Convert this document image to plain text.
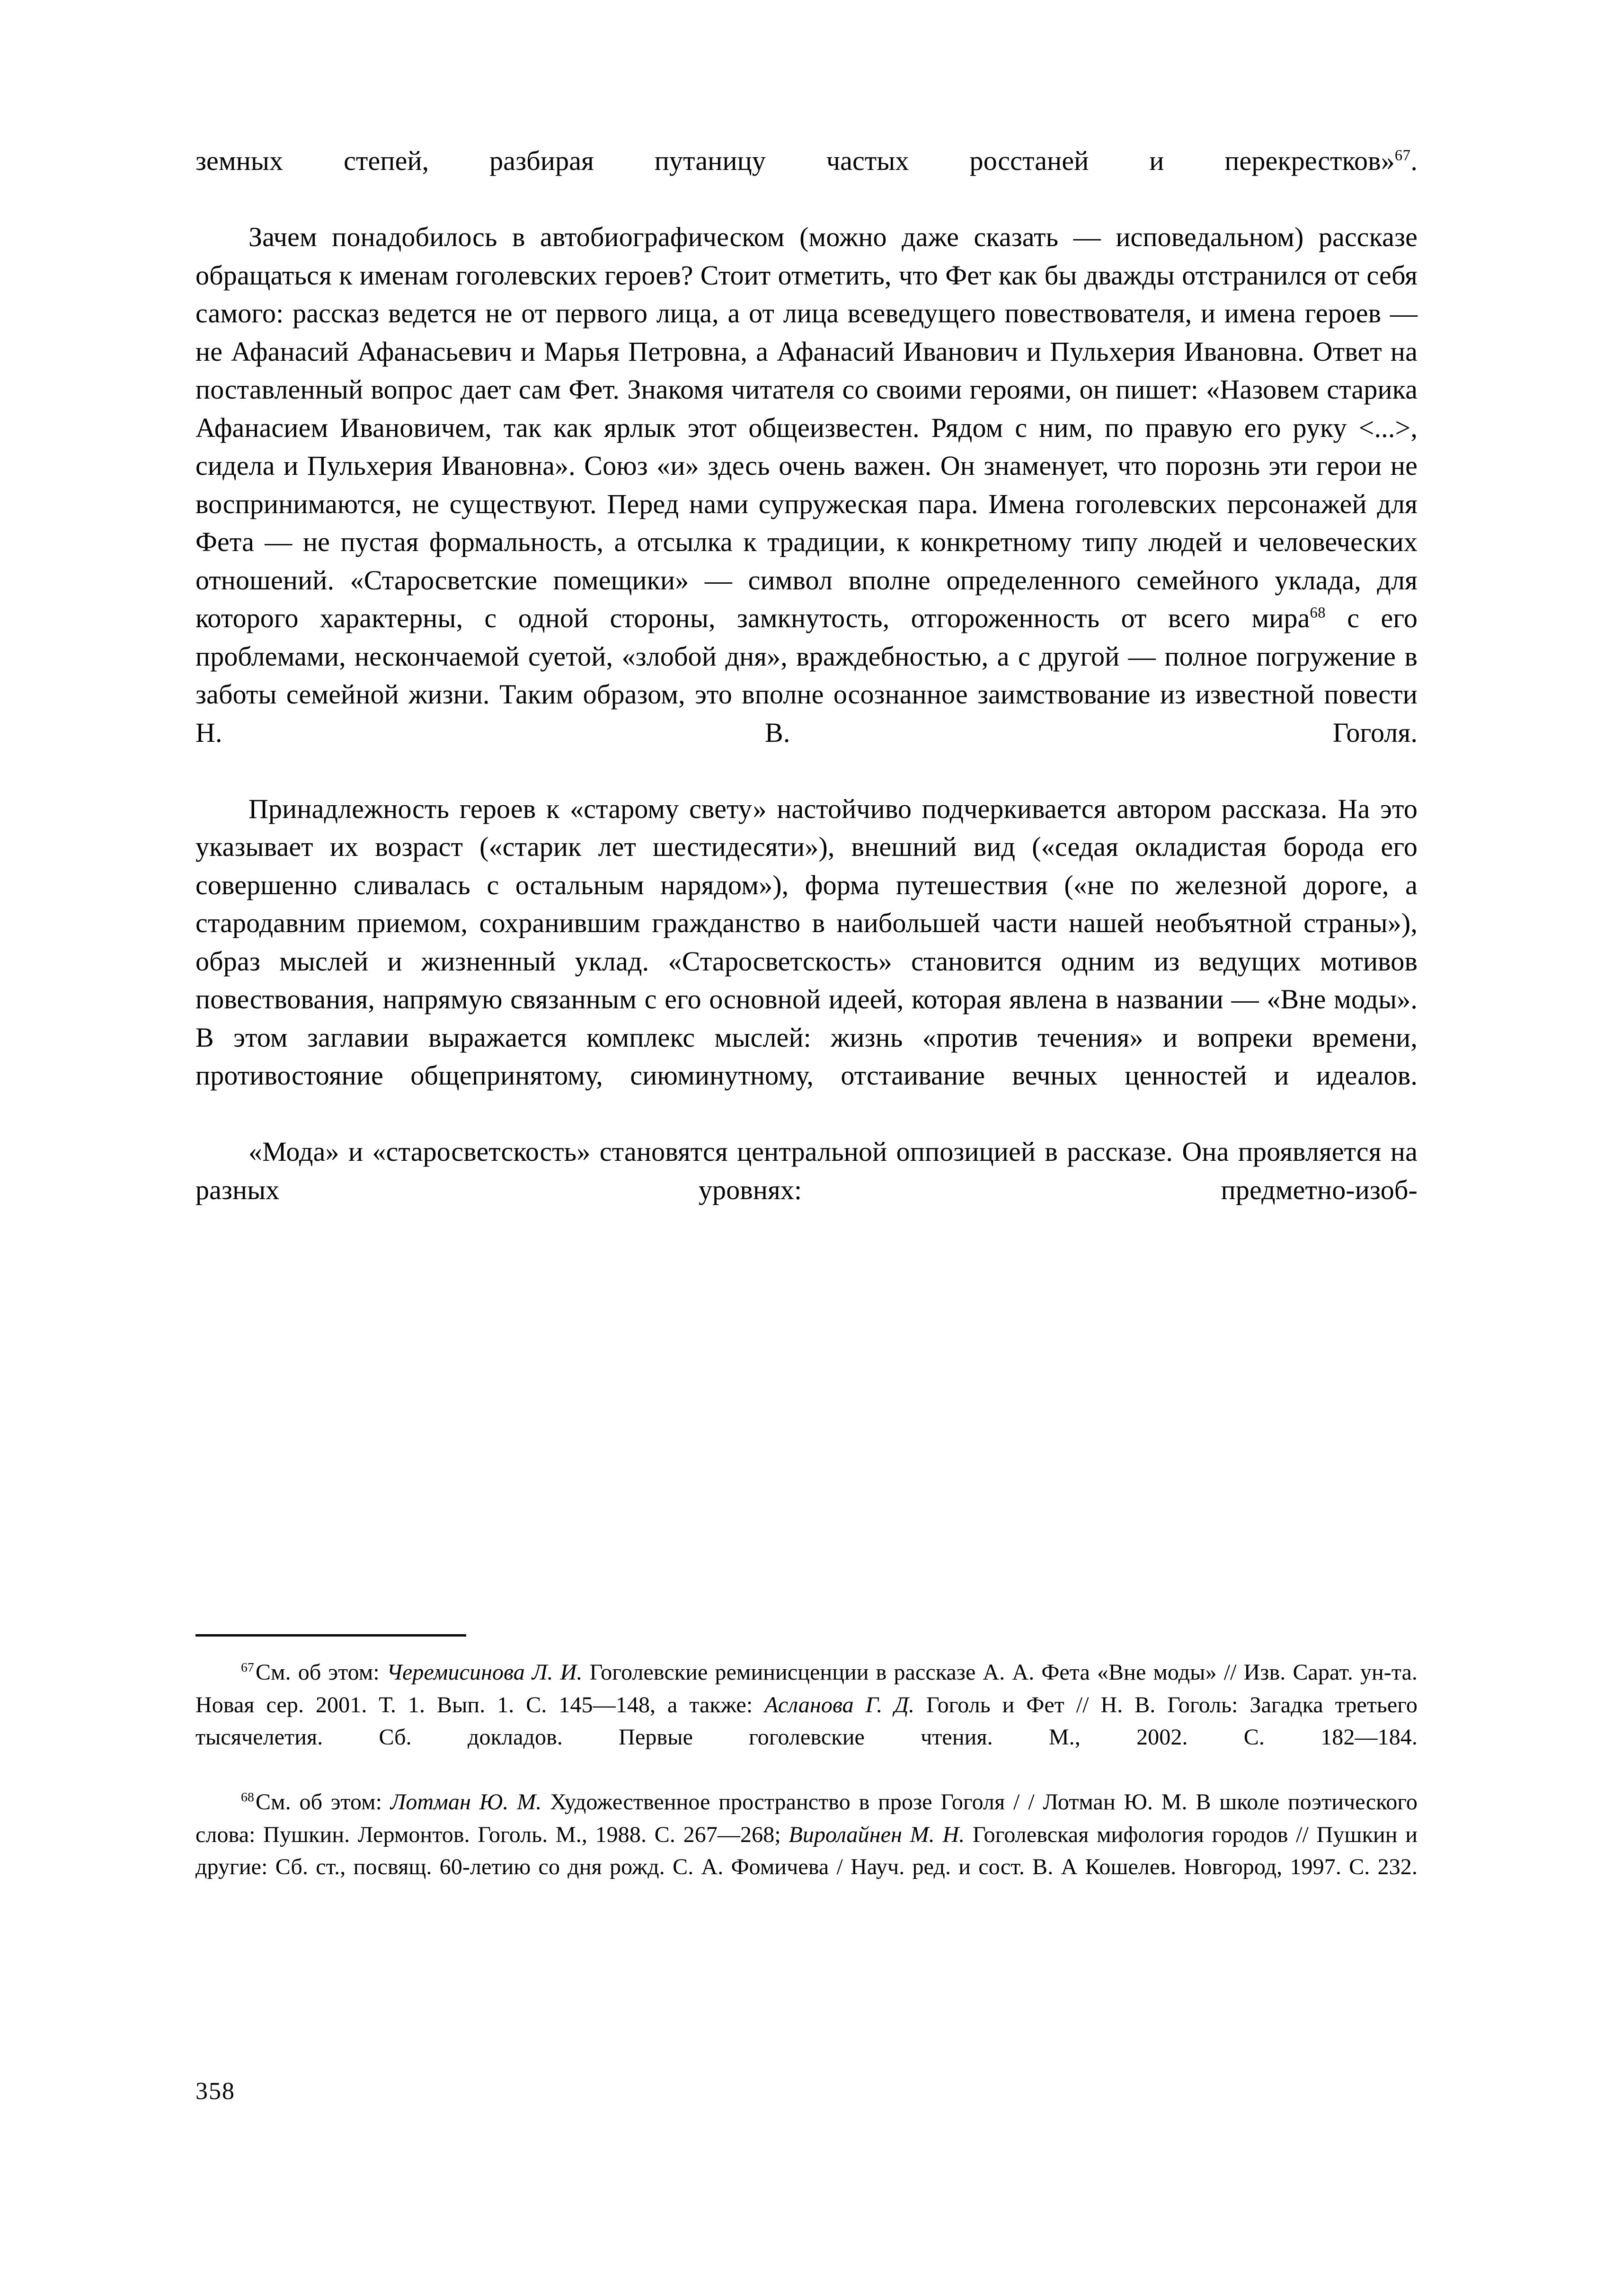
земных степей, разбирая путаницу частых росстаней и перекрестков»$^{67}$.

Зачем понадобилось в автобиографическом (можно даже сказать — исповедальном) рассказе обращаться к именам гоголевских героев? Стоит отметить, что Фет как бы дважды отстранился от себя самого: рассказ ведется не от первого лица, а от лица всеведущего повествователя, и имена героев — не Афанасий Афанасьевич и Марья Петровна, а Афанасий Иванович и Пульхерия Ивановна. Ответ на поставленный вопрос дает сам Фет. Знакомя читателя со своими героями, он пишет: «Назовем старика Афанасием Ивановичем, так как ярлык этот общеизвестен. Рядом с ним, по правую его руку <...>, сидела и Пульхерия Ивановна». Союз «и» здесь очень важен. Он знаменует, что порознь эти герои не воспринимаются, не существуют. Перед нами супружеская пара. Имена гоголевских персонажей для Фета — не пустая формальность, а отсылка к традиции, к конкретному типу людей и человеческих отношений. «Старосветские помещики» — символ вполне определенного семейного уклада, для которого характерны, с одной стороны, замкнутость, отгороженность от всего мира$^{68}$ с его проблемами, нескончаемой суетой, «злобой дня», враждебностью, а с другой — полное погружение в заботы семейной жизни. Таким образом, это вполне осознанное заимствование из известной повести Н. В. Гоголя.

Принадлежность героев к «старому свету» настойчиво подчеркивается автором рассказа. На это указывает их возраст («старик лет шестидесяти»), внешний вид («седая окладистая борода его совершенно сливалась с остальным нарядом»), форма путешествия («не по железной дороге, а стародавним приемом, сохранившим гражданство в наибольшей части нашей необъятной страны»), образ мыслей и жизненный уклад. «Старосветскость» становится одним из ведущих мотивов повествования, напрямую связанным с его основной идеей, которая явлена в названии — «Вне моды». В этом заглавии выражается комплекс мыслей: жизнь «против течения» и вопреки времени, противостояние общепринятому, сиюминутному, отстаивание вечных ценностей и идеалов.

«Мода» и «старосветскость» становятся центральной оппозицией в рассказе. Она проявляется на разных уровнях: предметно-изоб-

$^{67}$См. об этом: Черемисинова Л. И. Гоголевские реминисценции в рассказе А. А. Фета «Вне моды» // Изв. Сарат. ун-та. Новая сер. 2001. Т. 1. Вып. 1. С. 145—148, а также: Асланова Г. Д. Гоголь и Фет // Н. В. Гоголь: Загадка третьего тысячелетия. Сб. докладов. Первые гоголевские чтения. М., 2002. С. 182—184.

$^{68}$См. об этом: Лотман Ю. М. Художественное пространство в прозе Гоголя / / Лотман Ю. М. В школе поэтического слова: Пушкин. Лермонтов. Гоголь. М., 1988. С. 267—268; Виролайнен М. Н. Гоголевская мифология городов // Пушкин и другие: Сб. ст., посвящ. 60-летию со дня рожд. С. А. Фомичева / Науч. ред. и сост. В. А Кошелев. Новгород, 1997. С. 232.

358
